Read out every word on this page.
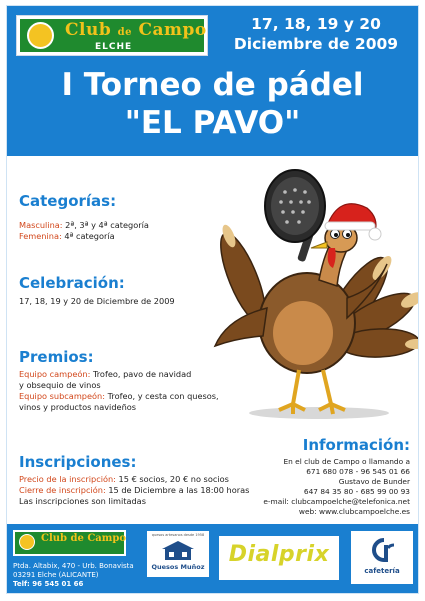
Club de Campo
ELCHE
17, 18, 19 y 20
Diciembre de 2009
I Torneo de pádel
"EL PAVO"
Categorías:
Masculina: 2ª, 3ª y 4ª categoría
Femenina: 4ª categoría
Celebración:
17, 18, 19 y 20 de Diciembre de 2009
Premios:
Equipo campeón: Trofeo, pavo de navidad
y obsequio de vinos
Equipo subcampeón: Trofeo, y cesta con quesos,
vinos y productos navideños
Inscripciones:
Precio de la inscripción: 15 € socios, 20 € no socios
Cierre de inscripción: 15 de Diciembre a las 18:00 horas
Las inscripciones son limitadas
Información:
En el club de Campo o llamando a
671 680 078 - 96 545 01 66
Gustavo de Bunder
647 84 35 80 - 685 99 00 93
e-mail: clubcampoelche@telefonica.net
web: www.clubcampoelche.es
Club de Campo
Ptda. Altabix, 470 - Urb. Bonavista
03291 Elche (ALICANTE)
Telf: 96 545 01 66
quesos artesanos desde 1958
Quesos Muñoz	Dialprix
cafetería
